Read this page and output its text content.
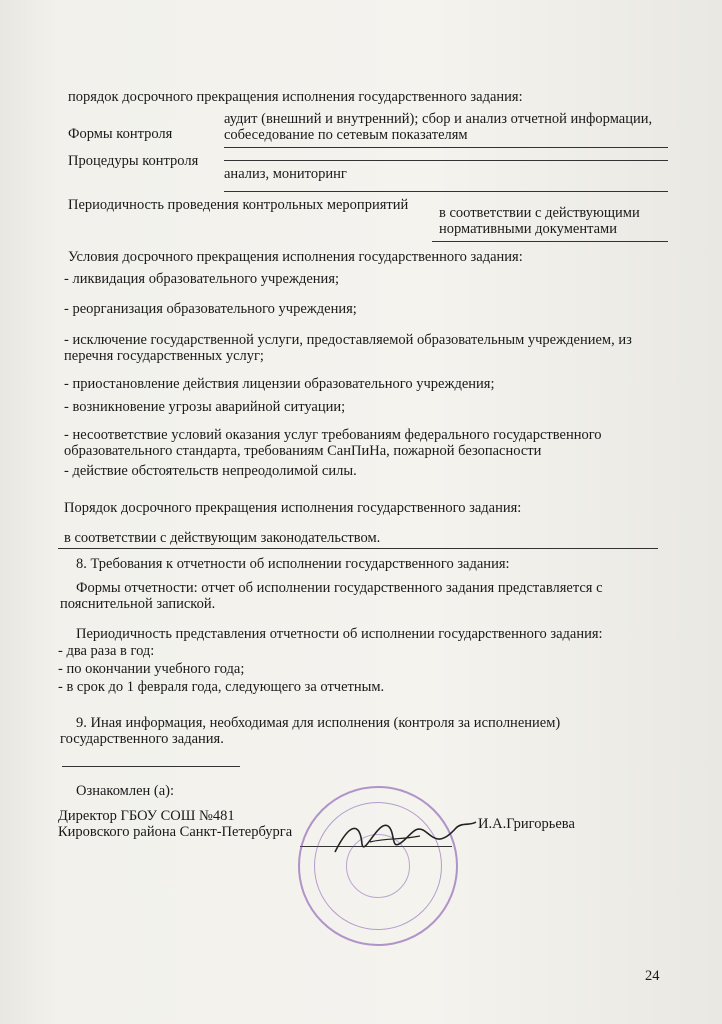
порядок досрочного прекращения исполнения государственного задания:
Формы контроля
аудит (внешний и внутренний); сбор и анализ отчетной информации,
собеседование по сетевым показателям
Процедуры контроля
анализ, мониторинг
Периодичность проведения контрольных мероприятий в соответствии с действующими
нормативными документами
Условия досрочного прекращения исполнения государственного задания:
- ликвидация образовательного учреждения;
- реорганизация образовательного учреждения;
- исключение государственной услуги, предоставляемой образовательным учреждением, из
перечня государственных услуг;
- приостановление действия лицензии образовательного учреждения;
- возникновение угрозы аварийной ситуации;
- несоответствие условий оказания услуг требованиям федерального государственного
образовательного стандарта, требованиям СанПиНа, пожарной безопасности
- действие обстоятельств непреодолимой силы.
Порядок досрочного прекращения исполнения государственного задания:
в соответствии с действующим законодательством.
8. Требования к отчетности об исполнении государственного задания:
Формы отчетности: отчет об исполнении государственного задания представляется с
пояснительной запиской.
Периодичность представления отчетности об исполнении государственного задания:
- два раза в год:
- по окончании учебного года;
- в срок до 1 февраля года, следующего за отчетным.
9. Иная информация, необходимая для исполнения (контроля за исполнением)
государственного задания.
Ознакомлен (а):
Директор ГБОУ СОШ №481
Кировского района Санкт-Петербурга	И.А.Григорьева
24
